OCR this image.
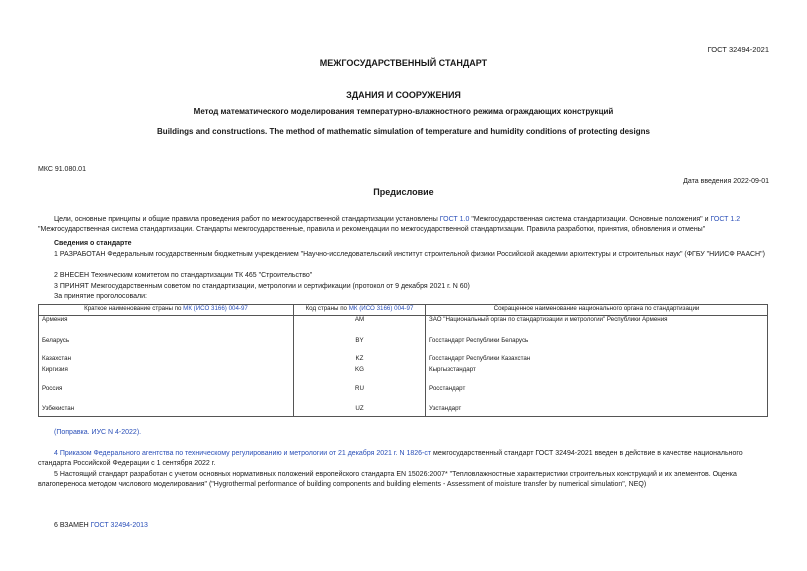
ГОСТ 32494-2021

МЕЖГОСУДАРСТВЕННЫЙ СТАНДАРТ

ЗДАНИЯ И СООРУЖЕНИЯ

Метод математического моделирования температурно-влажностного режима ограждающих конструкций

Buildings and constructions. The method of mathematic simulation of temperature and humidity conditions of protecting designs

МКС 91.080.01

Дата введения 2022-09-01

Предисловие

Цели, основные принципы и общие правила проведения работ по межгосударственной стандартизации установлены ГОСТ 1.0 "Межгосударственная система стандартизации. Основные положения" и ГОСТ 1.2 "Межгосударственная система стандартизации. Стандарты межгосударственные, правила и рекомендации по межгосударственной стандартизации. Правила разработки, принятия, обновления и отмены"

Сведения о стандарте

1 РАЗРАБОТАН Федеральным государственным бюджетным учреждением "Научно-исследовательский институт строительной физики Российской академии архитектуры и строительных наук" (ФГБУ "НИИСФ РААСН")

2 ВНЕСЕН Техническим комитетом по стандартизации ТК 465 "Строительство"

3 ПРИНЯТ Межгосударственным советом по стандартизации, метрологии и сертификации (протокол от 9 декабря 2021 г. N 60)

За принятие проголосовали:

Краткое наименование страны по МК (ИСО 3166) 004-97	Код страны по МК (ИСО 3166) 004-97	Сокращенное наименование национального органа по стандартизации
Армения	AM	ЗАО "Национальный орган по стандартизации и метрологии" Республики Армения
Беларусь	BY	Госстандарт Республики Беларусь
Казахстан	KZ	Госстандарт Республики Казахстан
Киргизия	KG	Кыргызстандарт
Россия	RU	Росстандарт
Узбекистан	UZ	Узстандарт

(Поправка. ИУС N 4-2022).

4 Приказом Федерального агентства по техническому регулированию и метрологии от 21 декабря 2021 г. N 1826-ст межгосударственный стандарт ГОСТ 32494-2021 введен в действие в качестве национального стандарта Российской Федерации с 1 сентября 2022 г.

5 Настоящий стандарт разработан с учетом основных нормативных положений европейского стандарта EN 15026:2007* "Тепловлажностные характеристики строительных конструкций и их элементов. Оценка влагопереноса методом числового моделирования" ("Hygrothermal performance of building components and building elements - Assessment of moisture transfer by numerical simulation", NEQ)

6 ВЗАМЕН ГОСТ 32494-2013
